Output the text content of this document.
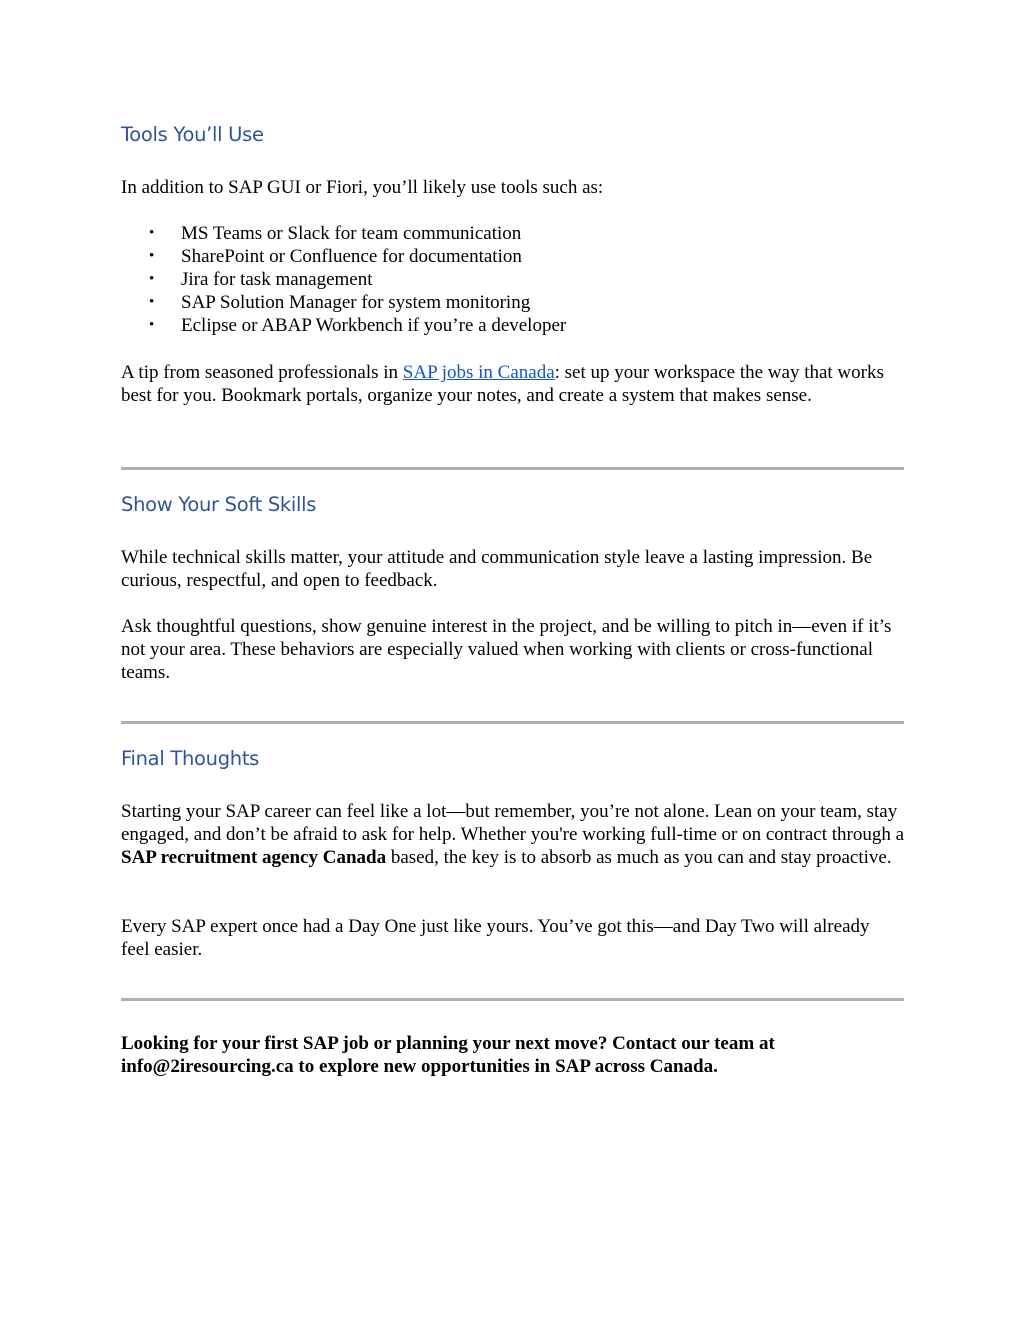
Tools You’ll Use

In addition to SAP GUI or Fiori, you’ll likely use tools such as:

• MS Teams or Slack for team communication
• SharePoint or Confluence for documentation
• Jira for task management
• SAP Solution Manager for system monitoring
• Eclipse or ABAP Workbench if you’re a developer

A tip from seasoned professionals in SAP jobs in Canada: set up your workspace the way that works best for you. Bookmark portals, organize your notes, and create a system that makes sense.

Show Your Soft Skills

While technical skills matter, your attitude and communication style leave a lasting impression. Be curious, respectful, and open to feedback.

Ask thoughtful questions, show genuine interest in the project, and be willing to pitch in—even if it’s not your area. These behaviors are especially valued when working with clients or cross-functional teams.

Final Thoughts

Starting your SAP career can feel like a lot—but remember, you’re not alone. Lean on your team, stay engaged, and don’t be afraid to ask for help. Whether you're working full-time or on contract through a SAP recruitment agency Canada based, the key is to absorb as much as you can and stay proactive.

Every SAP expert once had a Day One just like yours. You’ve got this—and Day Two will already feel easier.

Looking for your first SAP job or planning your next move? Contact our team at info@2iresourcing.ca to explore new opportunities in SAP across Canada.
